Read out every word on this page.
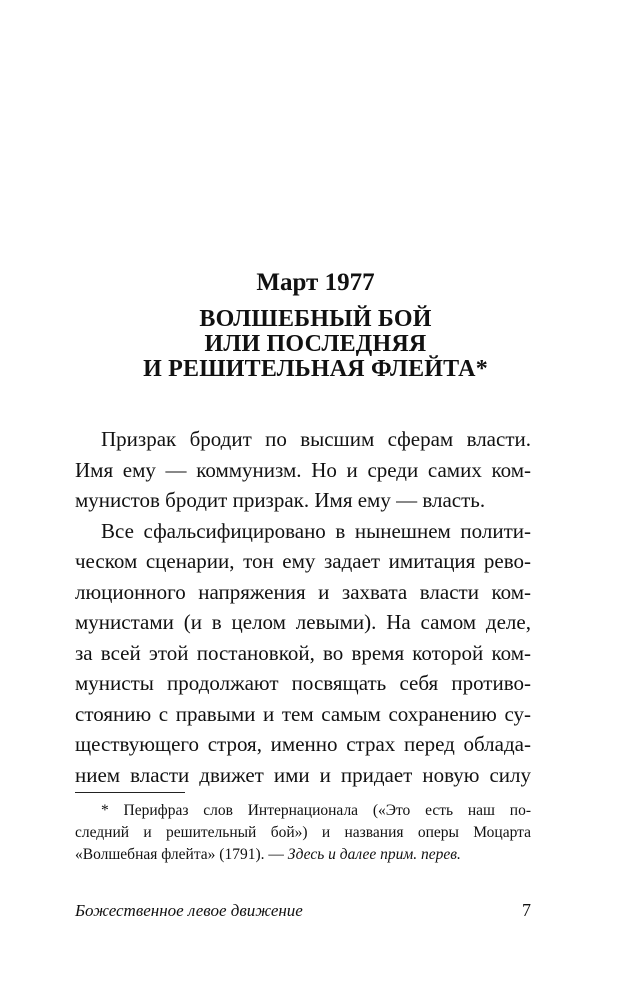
Март 1977
ВОЛШЕБНЫЙ БОЙ
ИЛИ ПОСЛЕДНЯЯ
И РЕШИТЕЛЬНАЯ ФЛЕЙТА*
Призрак бродит по высшим сферам власти.
Имя ему — коммунизм. Но и среди самих ком-
мунистов бродит призрак. Имя ему — власть.
Все сфальсифицировано в нынешнем полити-
ческом сценарии, тон ему задает имитация рево-
люционного напряжения и захвата власти ком-
мунистами (и в целом левыми). На самом деле,
за всей этой постановкой, во время которой ком-
мунисты продолжают посвящать себя противо-
стоянию с правыми и тем самым сохранению су-
ществующего строя, именно страх перед облада-
нием власти движет ими и придает новую силу
* Перифраз слов Интернационала («Это есть наш по-
следний и решительный бой») и названия оперы Моцарта
«Волшебная флейта» (1791). — Здесь и далее прим. перев.
Божественное левое движение	7
